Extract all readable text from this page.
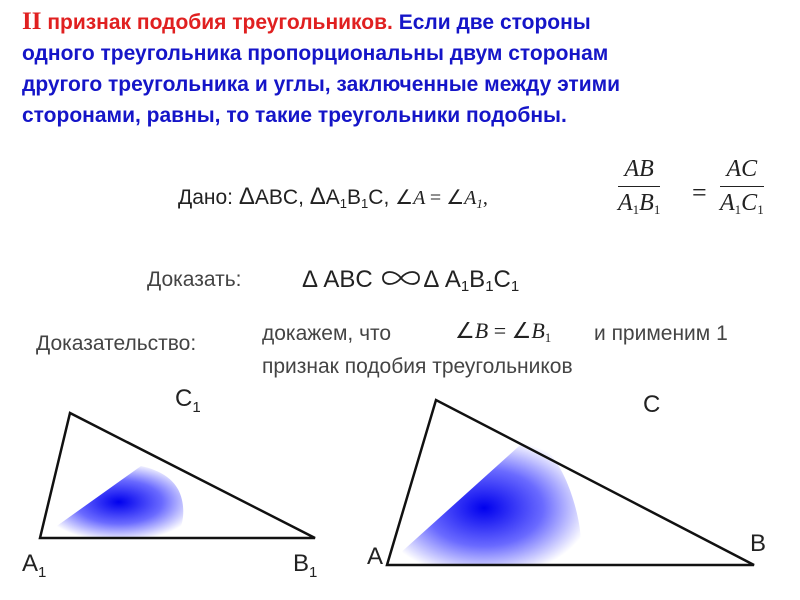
II признак подобия треугольников. Если две стороны
одного треугольника пропорциональны двум сторонам
другого треугольника и углы, заключенные между этими
сторонами, равны, то такие треугольники подобны.
Дано: ΔABC, $\Delta A_1B_1C$, ∠A = $\angle A_1$,	$\frac{AB}{A_1B_1} = \frac{AC}{A_1C_1}$
Доказать:	Δ ABC Δ $A_1B_1C_1$
Доказательство:	докажем, что	∠B = $\angle B_1$ и применим 1
признак подобия треугольников
$C_1$
$A_1$	$B_1$
C
A	B
